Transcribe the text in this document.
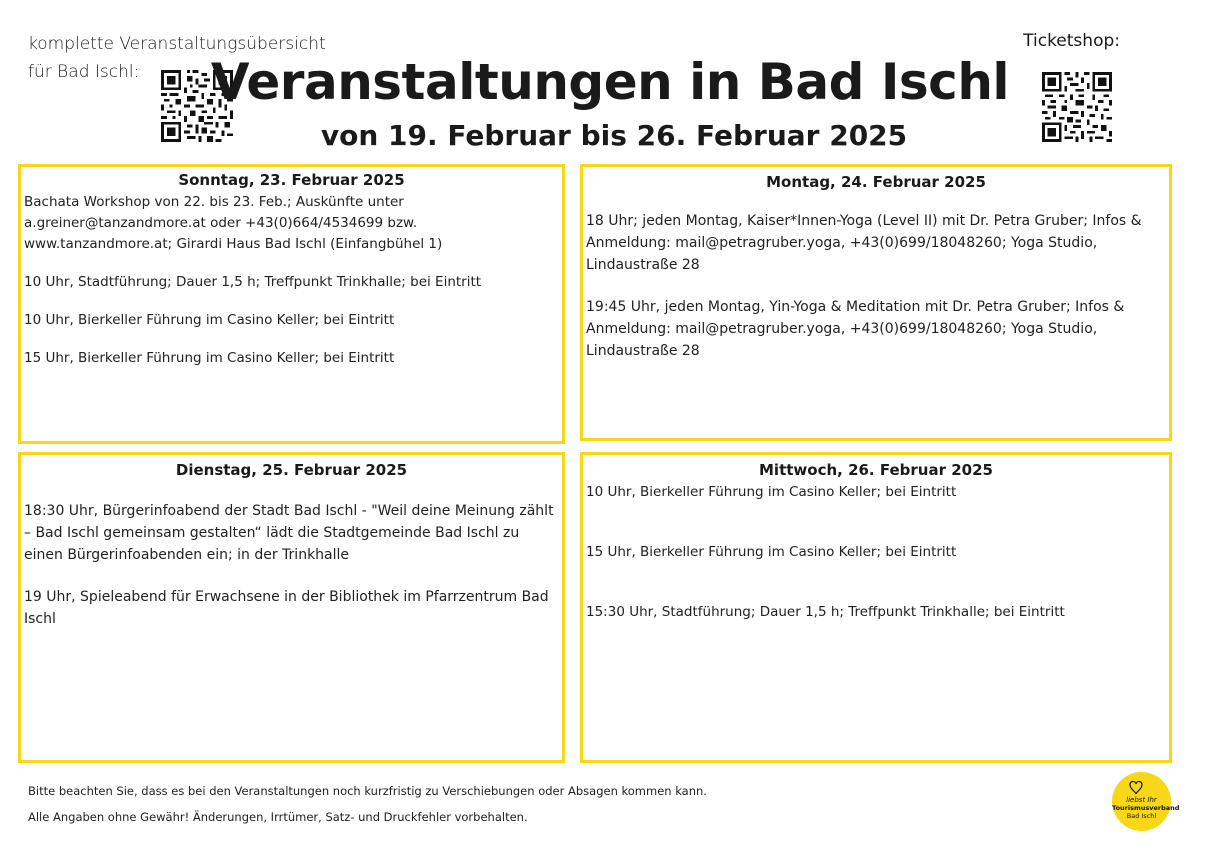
komplette Veranstaltungsübersicht
für Bad Ischl:
Ticketshop:
Veranstaltungen in Bad Ischl
von 19. Februar bis 26. Februar 2025
Sonntag, 23. Februar 2025

Bachata Workshop von 22. bis 23. Feb.; Auskünfte unter a.greiner@tanzandmore.at oder +43(0)664/4534699 bzw. www.tanzandmore.at; Girardi Haus Bad Ischl (Einfangbühel 1)

10 Uhr, Stadtführung; Dauer 1,5 h; Treffpunkt Trinkhalle; bei Eintritt

10 Uhr, Bierkeller Führung im Casino Keller; bei Eintritt

15 Uhr, Bierkeller Führung im Casino Keller; bei Eintritt

Montag, 24. Februar 2025

18 Uhr; jeden Montag, Kaiser*Innen-Yoga (Level II) mit Dr. Petra Gruber; Infos & Anmeldung: mail@petragruber.yoga, +43(0)699/18048260; Yoga Studio, Lindaustraße 28

19:45 Uhr, jeden Montag, Yin-Yoga & Meditation mit Dr. Petra Gruber; Infos & Anmeldung: mail@petragruber.yoga, +43(0)699/18048260; Yoga Studio, Lindaustraße 28

Dienstag, 25. Februar 2025

18:30 Uhr, Bürgerinfoabend der Stadt Bad Ischl - "Weil deine Meinung zählt – Bad Ischl gemeinsam gestalten“ lädt die Stadtgemeinde Bad Ischl zu einen Bürgerinfoabenden ein; in der Trinkhalle

19 Uhr, Spieleabend für Erwachsene in der Bibliothek im Pfarrzentrum Bad Ischl

Mittwoch, 26. Februar 2025

10 Uhr, Bierkeller Führung im Casino Keller; bei Eintritt

15 Uhr, Bierkeller Führung im Casino Keller; bei Eintritt

15:30 Uhr, Stadtführung; Dauer 1,5 h; Treffpunkt Trinkhalle; bei Eintritt

Bitte beachten Sie, dass es bei den Veranstaltungen noch kurzfristig zu Verschiebungen oder Absagen kommen kann.
Alle Angaben ohne Gewähr! Änderungen, Irrtümer, Satz- und Druckfehler vorbehalten.
liebst Ihr
Tourismusverband
Bad Ischl
